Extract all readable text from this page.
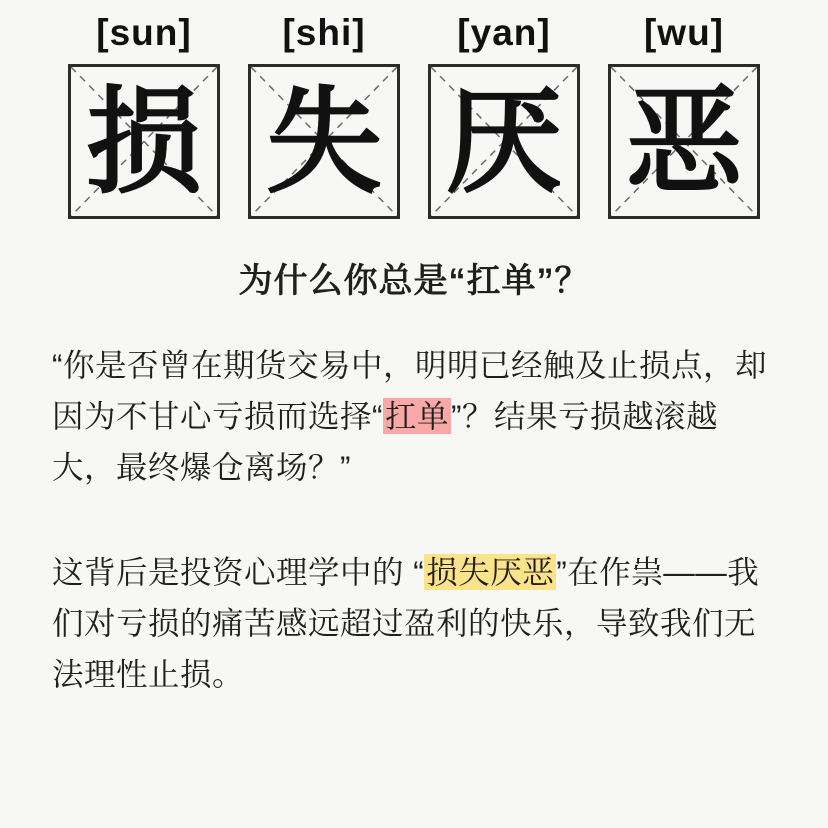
[sun]	[shi]	[yan]	[wu]
损 失 厌 恶
为什么你总是“扛单”？

“你是否曾在期货交易中，明明已经触及止损点，却因为不甘心亏损而选择“扛单”？结果亏损越滚越大，最终爆仓离场？”

这背后是投资心理学中的 “损失厌恶”在作祟——我们对亏损的痛苦感远超过盈利的快乐，导致我们无法理性止损。
